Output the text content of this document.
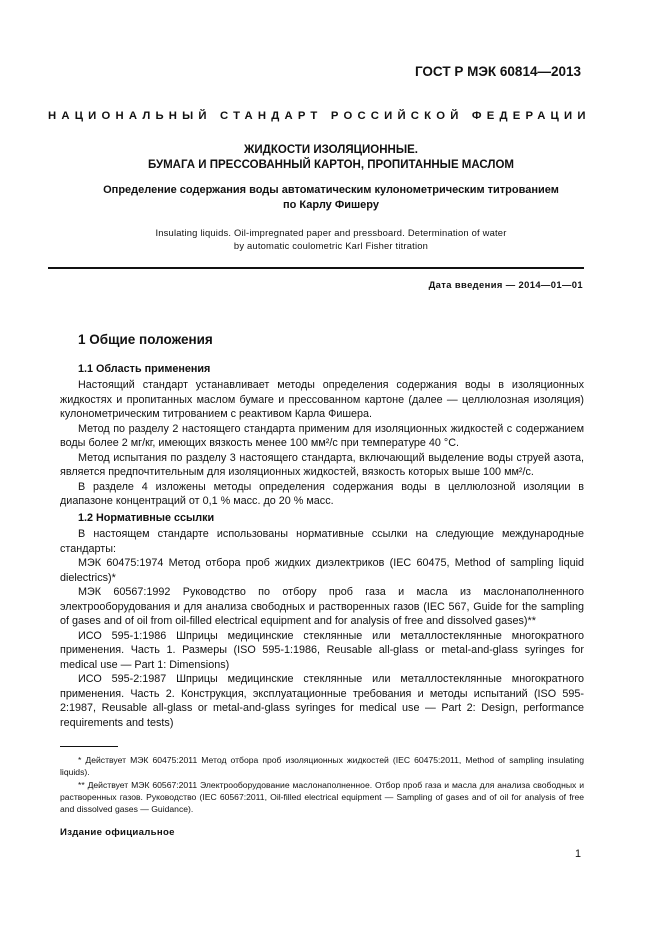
ГОСТ Р МЭК 60814—2013
НАЦИОНАЛЬНЫЙ СТАНДАРТ РОССИЙСКОЙ ФЕДЕРАЦИИ
ЖИДКОСТИ ИЗОЛЯЦИОННЫЕ.
БУМАГА И ПРЕССОВАННЫЙ КАРТОН, ПРОПИТАННЫЕ МАСЛОМ
Определение содержания воды автоматическим кулонометрическим титрованием
по Карлу Фишеру
Insulating liquids. Oil-impregnated paper and pressboard. Determination of water
by automatic coulometric Karl Fisher titration
Дата введения — 2014—01—01
1 Общие положения
1.1 Область применения

Настоящий стандарт устанавливает методы определения содержания воды в изоляционных жидкостях и пропитанных маслом бумаге и прессованном картоне (далее — целлюлозная изоляция) кулонометрическим титрованием с реактивом Карла Фишера.

Метод по разделу 2 настоящего стандарта применим для изоляционных жидкостей с содержанием воды более 2 мг/кг, имеющих вязкость менее 100 мм²/с при температуре 40 °С.

Метод испытания по разделу 3 настоящего стандарта, включающий выделение воды струей азота, является предпочтительным для изоляционных жидкостей, вязкость которых выше 100 мм²/с.

В разделе 4 изложены методы определения содержания воды в целлюлозной изоляции в диапазоне концентраций от 0,1 % масс. до 20 % масс.

1.2 Нормативные ссылки

В настоящем стандарте использованы нормативные ссылки на следующие международные стандарты:

МЭК 60475:1974 Метод отбора проб жидких диэлектриков (IEC 60475, Method of sampling liquid dielectrics)*

МЭК 60567:1992 Руководство по отбору проб газа и масла из маслонаполненного электрооборудования и для анализа свободных и растворенных газов (IEC 567, Guide for the sampling of gases and of oil from oil-filled electrical equipment and for analysis of free and dissolved gases)**

ИСО 595-1:1986 Шприцы медицинские стеклянные или металлостеклянные многократного применения. Часть 1. Размеры (ISO 595-1:1986, Reusable all-glass or metal-and-glass syringes for medical use — Part 1: Dimensions)

ИСО 595-2:1987 Шприцы медицинские стеклянные или металлостеклянные многократного применения. Часть 2. Конструкция, эксплуатационные требования и методы испытаний (ISO 595-2:1987, Reusable all-glass or metal-and-glass syringes for medical use — Part 2: Design, performance requirements and tests)

* Действует МЭК 60475:2011 Метод отбора проб изоляционных жидкостей (IEC 60475:2011, Method of sampling insulating liquids).

** Действует МЭК 60567:2011 Электрооборудование маслонаполненное. Отбор проб газа и масла для анализа свободных и растворенных газов. Руководство (IEC 60567:2011, Oil-filled electrical equipment — Sampling of gases and of oil for analysis of free and dissolved gases — Guidance).

Издание официальное
1
